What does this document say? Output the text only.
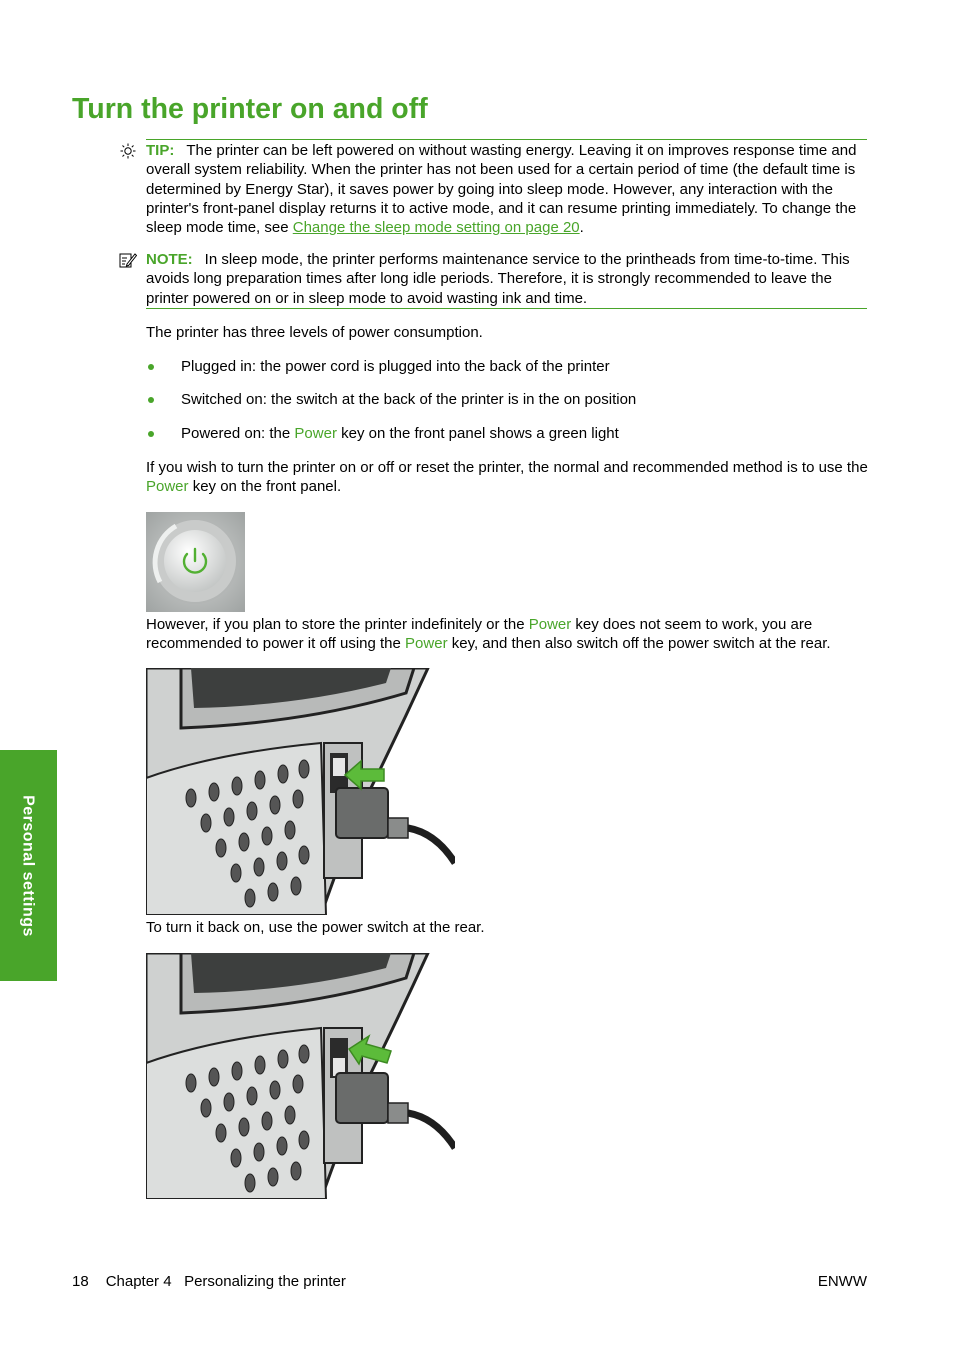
Turn the printer on and off

TIP: The printer can be left powered on without wasting energy. Leaving it on improves response time and overall system reliability. When the printer has not been used for a certain period of time (the default time is determined by Energy Star), it saves power by going into sleep mode. However, any interaction with the printer's front-panel display returns it to active mode, and it can resume printing immediately. To change the sleep mode time, see Change the sleep mode setting on page 20.

NOTE: In sleep mode, the printer performs maintenance service to the printheads from time-to-time. This avoids long preparation times after long idle periods. Therefore, it is strongly recommended to leave the printer powered on or in sleep mode to avoid wasting ink and time.

The printer has three levels of power consumption.

Plugged in: the power cord is plugged into the back of the printer
Switched on: the switch at the back of the printer is in the on position
Powered on: the Power key on the front panel shows a green light

If you wish to turn the printer on or off or reset the printer, the normal and recommended method is to use the Power key on the front panel.

However, if you plan to store the printer indefinitely or the Power key does not seem to work, you are recommended to power it off using the Power key, and then also switch off the power switch at the rear.

To turn it back on, use the power switch at the rear.

Personal settings
18 Chapter 4   Personalizing the printer	ENWW
